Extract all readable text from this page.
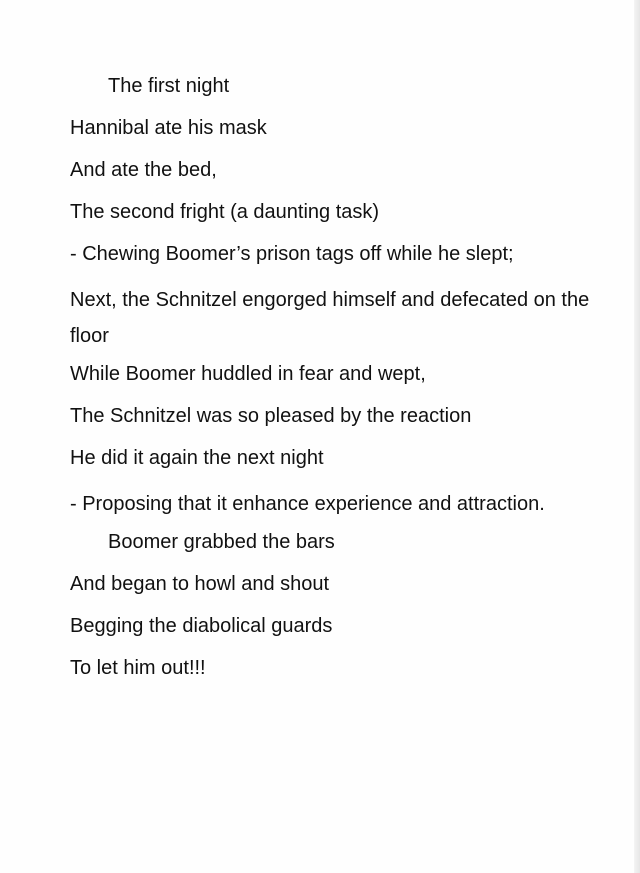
The first night
Hannibal ate his mask
And ate the bed,
The second fright (a daunting task)
- Chewing Boomer’s prison tags off while he slept;
Next, the Schnitzel engorged himself and defecated on the floor
While Boomer huddled in fear and wept,
The Schnitzel was so pleased by the reaction
He did it again the next night
- Proposing that it enhance experience and attraction.
Boomer grabbed the bars
And began to howl and shout
Begging the diabolical guards
To let him out!!!
